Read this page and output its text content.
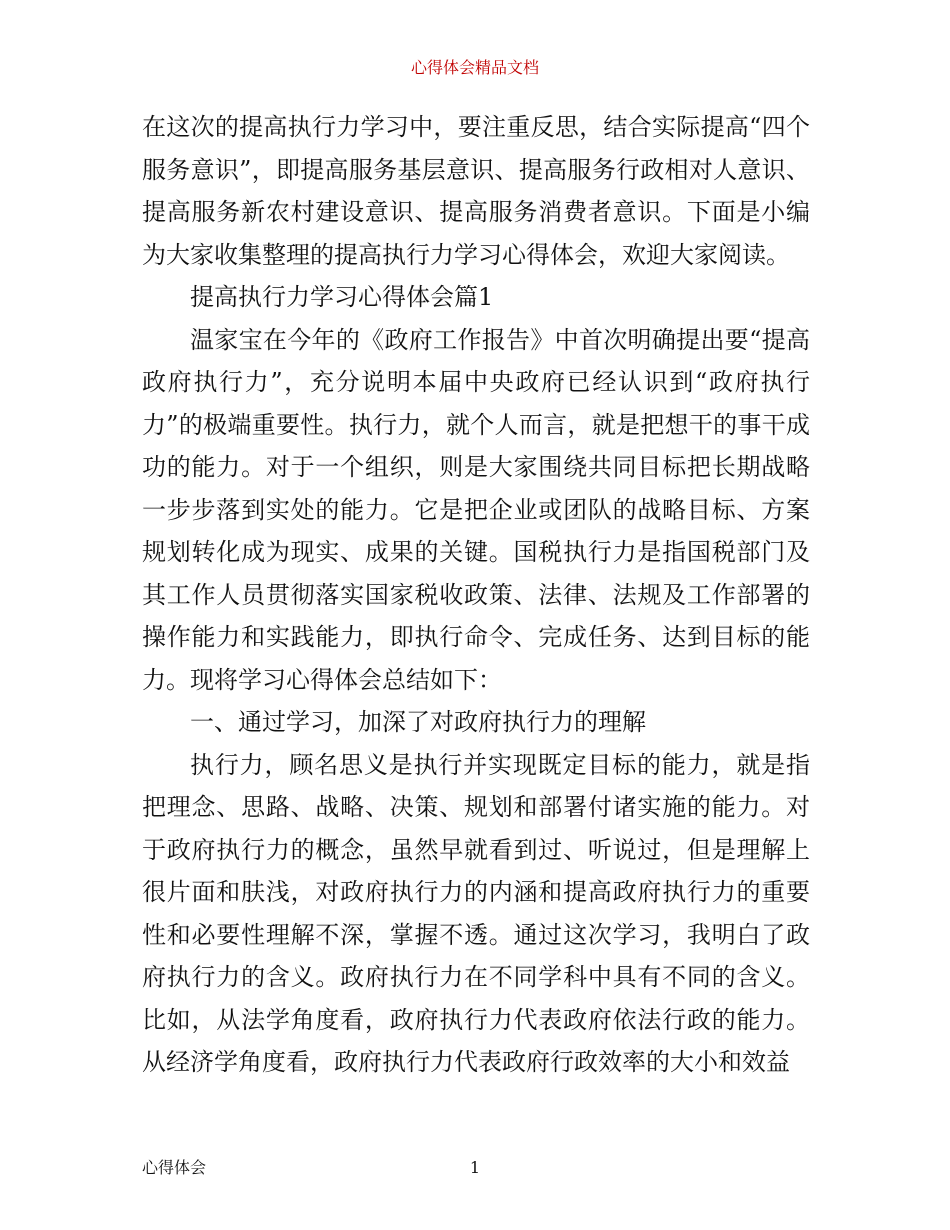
心得体会精品文档

在这次的提高执行力学习中，要注重反思，结合实际提高“四个服务意识”，即提高服务基层意识、提高服务行政相对人意识、提高服务新农村建设意识、提高服务消费者意识。下面是小编为大家收集整理的提高执行力学习心得体会，欢迎大家阅读。

提高执行力学习心得体会篇1

温家宝在今年的《政府工作报告》中首次明确提出要“提高政府执行力”，充分说明本届中央政府已经认识到“政府执行力”的极端重要性。执行力，就个人而言，就是把想干的事干成功的能力。对于一个组织，则是大家围绕共同目标把长期战略一步步落到实处的能力。它是把企业或团队的战略目标、方案规划转化成为现实、成果的关键。国税执行力是指国税部门及其工作人员贯彻落实国家税收政策、法律、法规及工作部署的操作能力和实践能力，即执行命令、完成任务、达到目标的能力。现将学习心得体会总结如下：

一、通过学习，加深了对政府执行力的理解

执行力，顾名思义是执行并实现既定目标的能力，就是指把理念、思路、战略、决策、规划和部署付诸实施的能力。对于政府执行力的概念，虽然早就看到过、听说过，但是理解上很片面和肤浅，对政府执行力的内涵和提高政府执行力的重要性和必要性理解不深，掌握不透。通过这次学习，我明白了政府执行力的含义。政府执行力在不同学科中具有不同的含义。比如，从法学角度看，政府执行力代表政府依法行政的能力。从经济学角度看，政府执行力代表政府行政效率的大小和效益

心得体会	1
